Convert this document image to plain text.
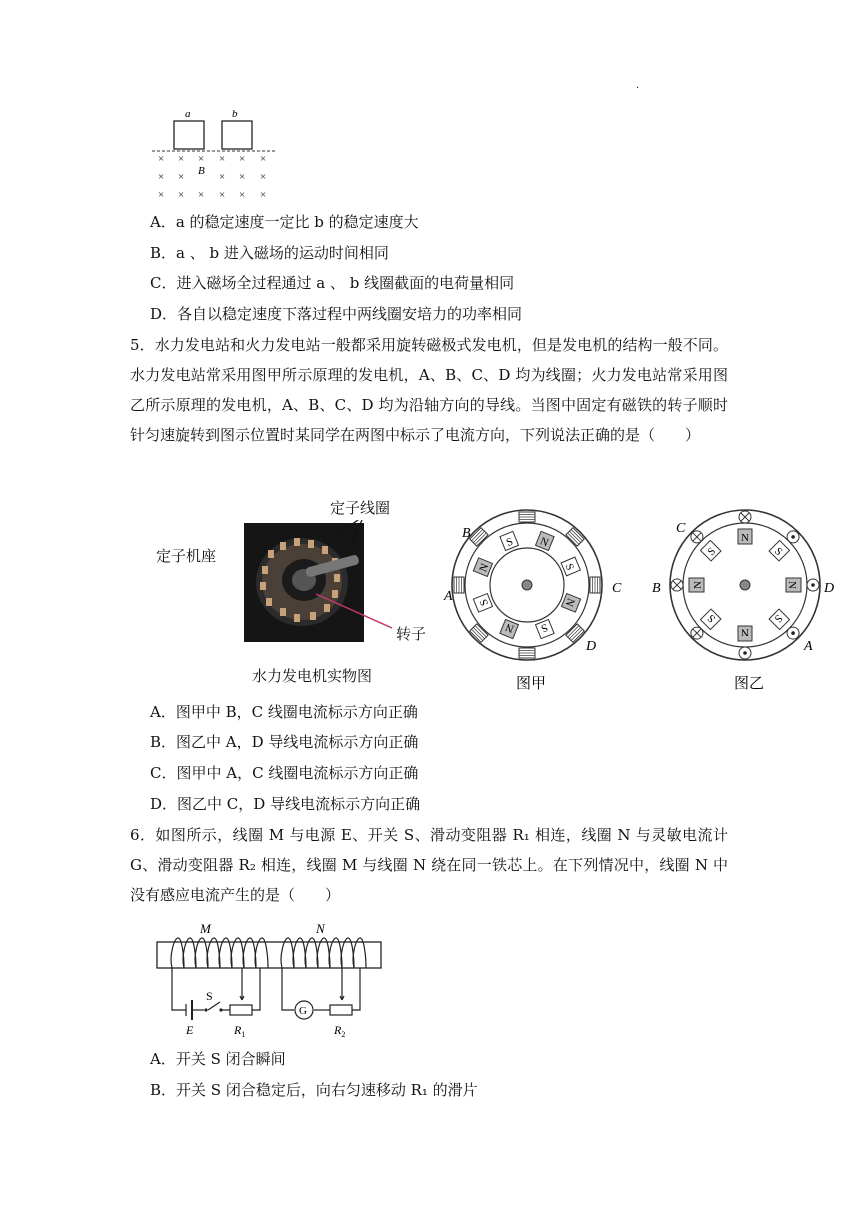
.
a	b
× × × × × ×
× ×	× × ×
× × × × × ×
B
A．a 的稳定速度一定比 b 的稳定速度大
B．a 、 b 进入磁场的运动时间相同
C．进入磁场全过程通过 a 、 b 线圈截面的电荷量相同
D．各自以稳定速度下落过程中两线圈安培力的功率相同
5．水力发电站和火力发电站一般都采用旋转磁极式发电机，但是发电机的结构一般不同。水力发电站常采用图甲所示原理的发电机，A、B、C、D 均为线圈；火力发电站常采用图乙所示原理的发电机，A、B、C、D 均为沿轴方向的导线。当图中固定有磁铁的转子顺时针匀速旋转到图示位置时某同学在两图中标示了电流方向，下列说法正确的是（　　）
定子线圈
定子机座
转子
水力发电机实物图
S N
S
N
S
N
S
N
B
A
C
D
图甲
N
S
N
S
N
S
N
S
C
B	D
A
图乙
A．图甲中 B，C 线圈电流标示方向正确
B．图乙中 A，D 导线电流标示方向正确
C．图甲中 A，C 线圈电流标示方向正确
D．图乙中 C，D 导线电流标示方向正确
6．如图所示，线圈 M 与电源 E、开关 S、滑动变阻器 R₁ 相连，线圈 N 与灵敏电流计 G、滑动变阻器 R₂ 相连，线圈 M 与线圈 N 绕在同一铁芯上。在下列情况中，线圈 N 中没有感应电流产生的是（　　）
M	N
S
E	$R_1$
G
$R_2$
A．开关 S 闭合瞬间
B．开关 S 闭合稳定后，向右匀速移动 R₁ 的滑片
